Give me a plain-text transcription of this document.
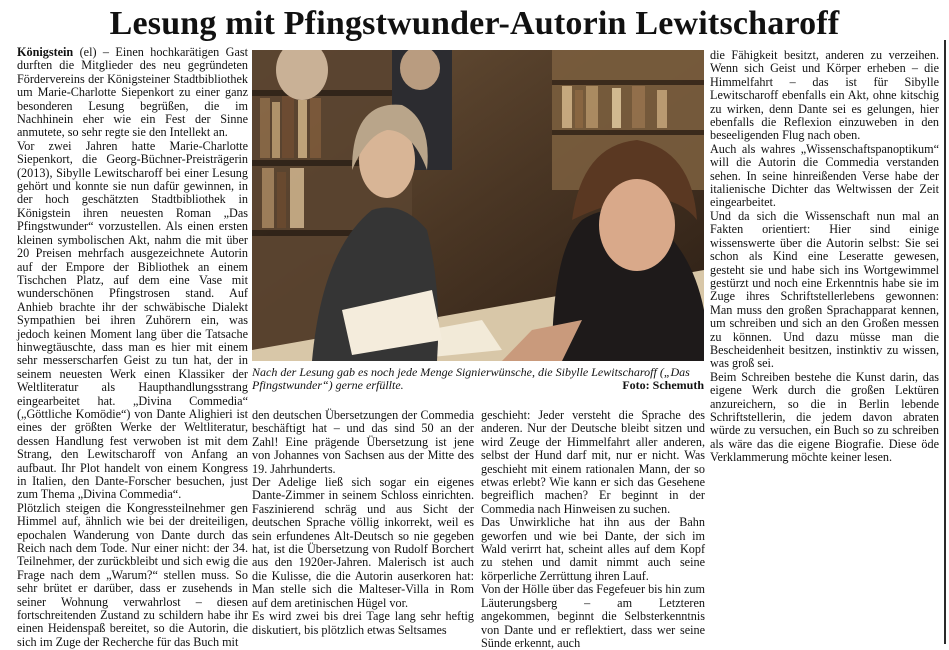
Lesung mit Pfingstwunder-Autorin Lewitscharoff

Königstein (el) – Einen hochkarätigen Gast durften die Mitglieder des neu gegründeten Fördervereins der Königsteiner Stadtbibliothek um Marie-Charlotte Siepenkort zu einer ganz besonderen Lesung begrüßen, die im Nachhinein eher wie ein Fest der Sinne anmutete, so sehr regte sie den Intellekt an.

Vor zwei Jahren hatte Marie-Charlotte Siepenkort, die Georg-Büchner-Preisträgerin (2013), Sibylle Lewitscharoff bei einer Lesung gehört und konnte sie nun dafür gewinnen, in der hoch geschätzten Stadtbibliothek in Königstein ihren neuesten Roman „Das Pfingstwunder“ vorzustellen. Als einen ersten kleinen symbolischen Akt, nahm die mit über 20 Preisen mehrfach ausgezeichnete Autorin auf der Empore der Bibliothek an einem Tischchen Platz, auf dem eine Vase mit wunderschönen Pfingstrosen stand. Auf Anhieb brachte ihr der schwäbische Dialekt Sympathien bei ihren Zuhörern ein, was jedoch keinen Moment lang über die Tatsache hinwegtäuschte, dass man es hier mit einem sehr messerscharfen Geist zu tun hat, der in seinem neuesten Werk einen Klassiker der Weltliteratur als Haupthandlungsstrang eingearbeitet hat. „Divina Commedia“ („Göttliche Komödie“) von Dante Alighieri ist eines der größten Werke der Weltliteratur, dessen Handlung fest verwoben ist mit dem Strang, den Lewitscharoff von Anfang an aufbaut. Ihr Plot handelt von einem Kongress in Italien, den Dante-Forscher besuchen, just zum Thema „Divina Commedia“.

Plötzlich steigen die Kongressteilnehmer gen Himmel auf, ähnlich wie bei der dreiteiligen, epochalen Wanderung von Dante durch das Reich nach dem Tode. Nur einer nicht: der 34. Teilnehmer, der zurückbleibt und sich ewig die Frage nach dem „Warum?“ stellen muss. So sehr brütet er darüber, dass er zusehends in seiner Wohnung verwahrlost – diesen fortschreitenden Zustand zu schildern habe ihr einen Heidenspaß bereitet, so die Autorin, die sich im Zuge der Recherche für das Buch mit

Nach der Lesung gab es noch jede Menge Signierwünsche, die Sibylle Lewitscharoff („Das Pfingstwunder“) gerne erfüllte.	Foto: Schemuth

den deutschen Übersetzungen der Commedia beschäftigt hat – und das sind 50 an der Zahl! Eine prägende Übersetzung ist jene von Johannes von Sachsen aus der Mitte des 19. Jahrhunderts.

Der Adelige ließ sich sogar ein eigenes Dante-Zimmer in seinem Schloss einrichten. Faszinierend schräg und aus Sicht der deutschen Sprache völlig inkorrekt, weil es sein erfundenes Alt-Deutsch so nie gegeben hat, ist die Übersetzung von Rudolf Borchert aus den 1920er-Jahren. Malerisch ist auch die Kulisse, die die Autorin auserkoren hat: Man stelle sich die Malteser-Villa in Rom auf dem aretinischen Hügel vor.

Es wird zwei bis drei Tage lang sehr heftig diskutiert, bis plötzlich etwas Seltsames

geschieht: Jeder versteht die Sprache des anderen. Nur der Deutsche bleibt sitzen und wird Zeuge der Himmelfahrt aller anderen, selbst der Hund darf mit, nur er nicht. Was geschieht mit einem rationalen Mann, der so etwas erlebt? Wie kann er sich das Gesehene begreiflich machen? Er beginnt in der Commedia nach Hinweisen zu suchen.

Das Unwirkliche hat ihn aus der Bahn geworfen und wie bei Dante, der sich im Wald verirrt hat, scheint alles auf dem Kopf zu stehen und damit nimmt auch seine körperliche Zerrüttung ihren Lauf.

Von der Hölle über das Fegefeuer bis hin zum Läuterungsberg – am Letzteren angekommen, beginnt die Selbsterkenntnis von Dante und er reflektiert, dass wer seine Sünde erkennt, auch

die Fähigkeit besitzt, anderen zu verzeihen. Wenn sich Geist und Körper erheben – die Himmelfahrt – das ist für Sibylle Lewitscharoff ebenfalls ein Akt, ohne kitschig zu wirken, denn Dante sei es gelungen, hier ebenfalls die Reflexion einzuweben in den beseeligenden Flug nach oben.

Auch als wahres „Wissenschaftspanoptikum“ will die Autorin die Commedia verstanden sehen. In seine hinreißenden Verse habe der italienische Dichter das Weltwissen der Zeit eingearbeitet.

Und da sich die Wissenschaft nun mal an Fakten orientiert: Hier sind einige wissenswerte über die Autorin selbst: Sie sei schon als Kind eine Leseratte gewesen, gesteht sie und habe sich ins Wortgewimmel gestürzt und noch eine Erkenntnis habe sie im Zuge ihres Schriftstellerlebens gewonnen: Man muss den großen Sprachapparat kennen, um schreiben und sich an den Großen messen zu können. Und dazu müsse man die Bescheidenheit besitzen, instinktiv zu wissen, was groß sei.

Beim Schreiben bestehe die Kunst darin, das eigene Werk durch die großen Lektüren anzureichern, so die in Berlin lebende Schriftstellerin, die jedem davon abraten würde zu versuchen, ein Buch so zu schreiben als wäre das die eigene Biografie. Diese öde Verklammerung möchte keiner lesen.
